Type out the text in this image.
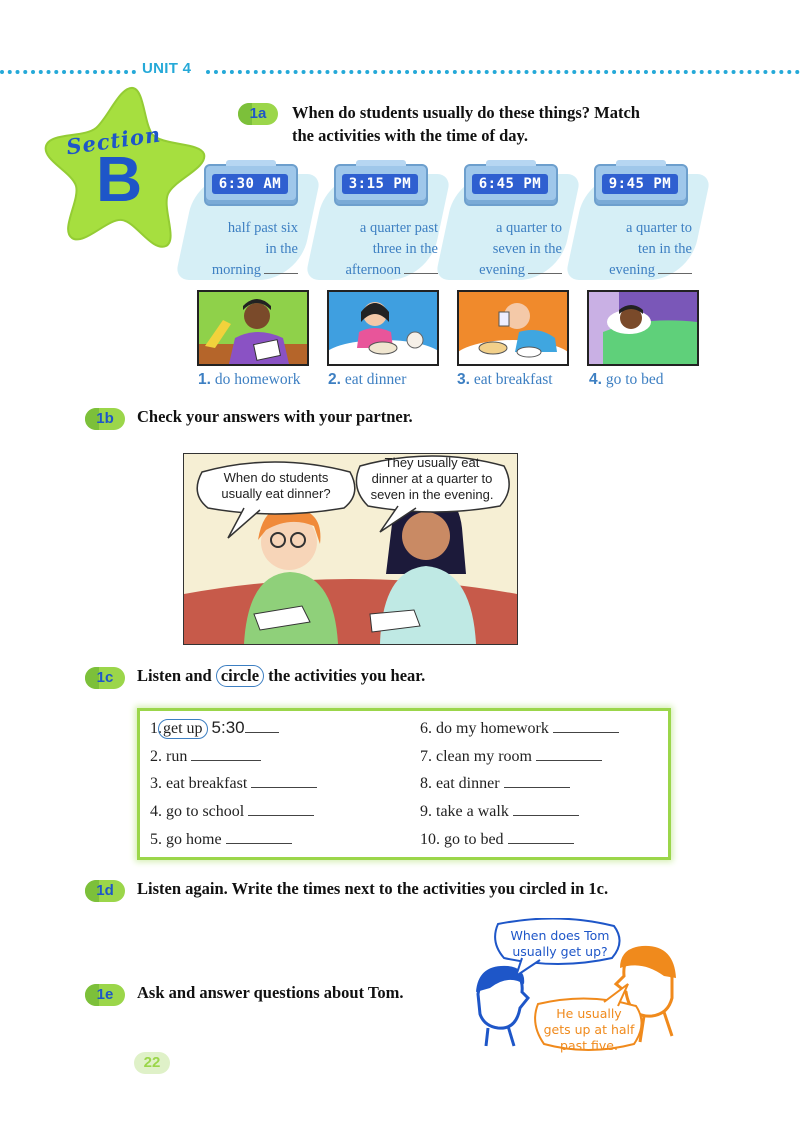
UNIT 4
Section
B
1a	When do students usually do these things? Match
the activities with the time of day.
6:30 AM
half past six
in the
morning
3:15 PM
a quarter past
three in the
afternoon
6:45 PM
a quarter to
seven in the
evening
9:45 PM
a quarter to
ten in the
evening
1. do homework 2. eat dinner	3. eat breakfast 4. go to bed
1b	Check your answers with your partner.
When do students
usually eat dinner?
They usually eat
dinner at a quarter to
seven in the evening.
1c	Listen and circle the activities you hear.
1.get up 5:30
2. run
3. eat breakfast
4. go to school
5. go home
6. do my homework
7. clean my room
8. eat dinner
9. take a walk
10. go to bed
1d	Listen again. Write the times next to the activities you circled in 1c.
1e	Ask and answer questions about Tom.
When does Tom
usually get up?
He usually
gets up at half
past five.
22
